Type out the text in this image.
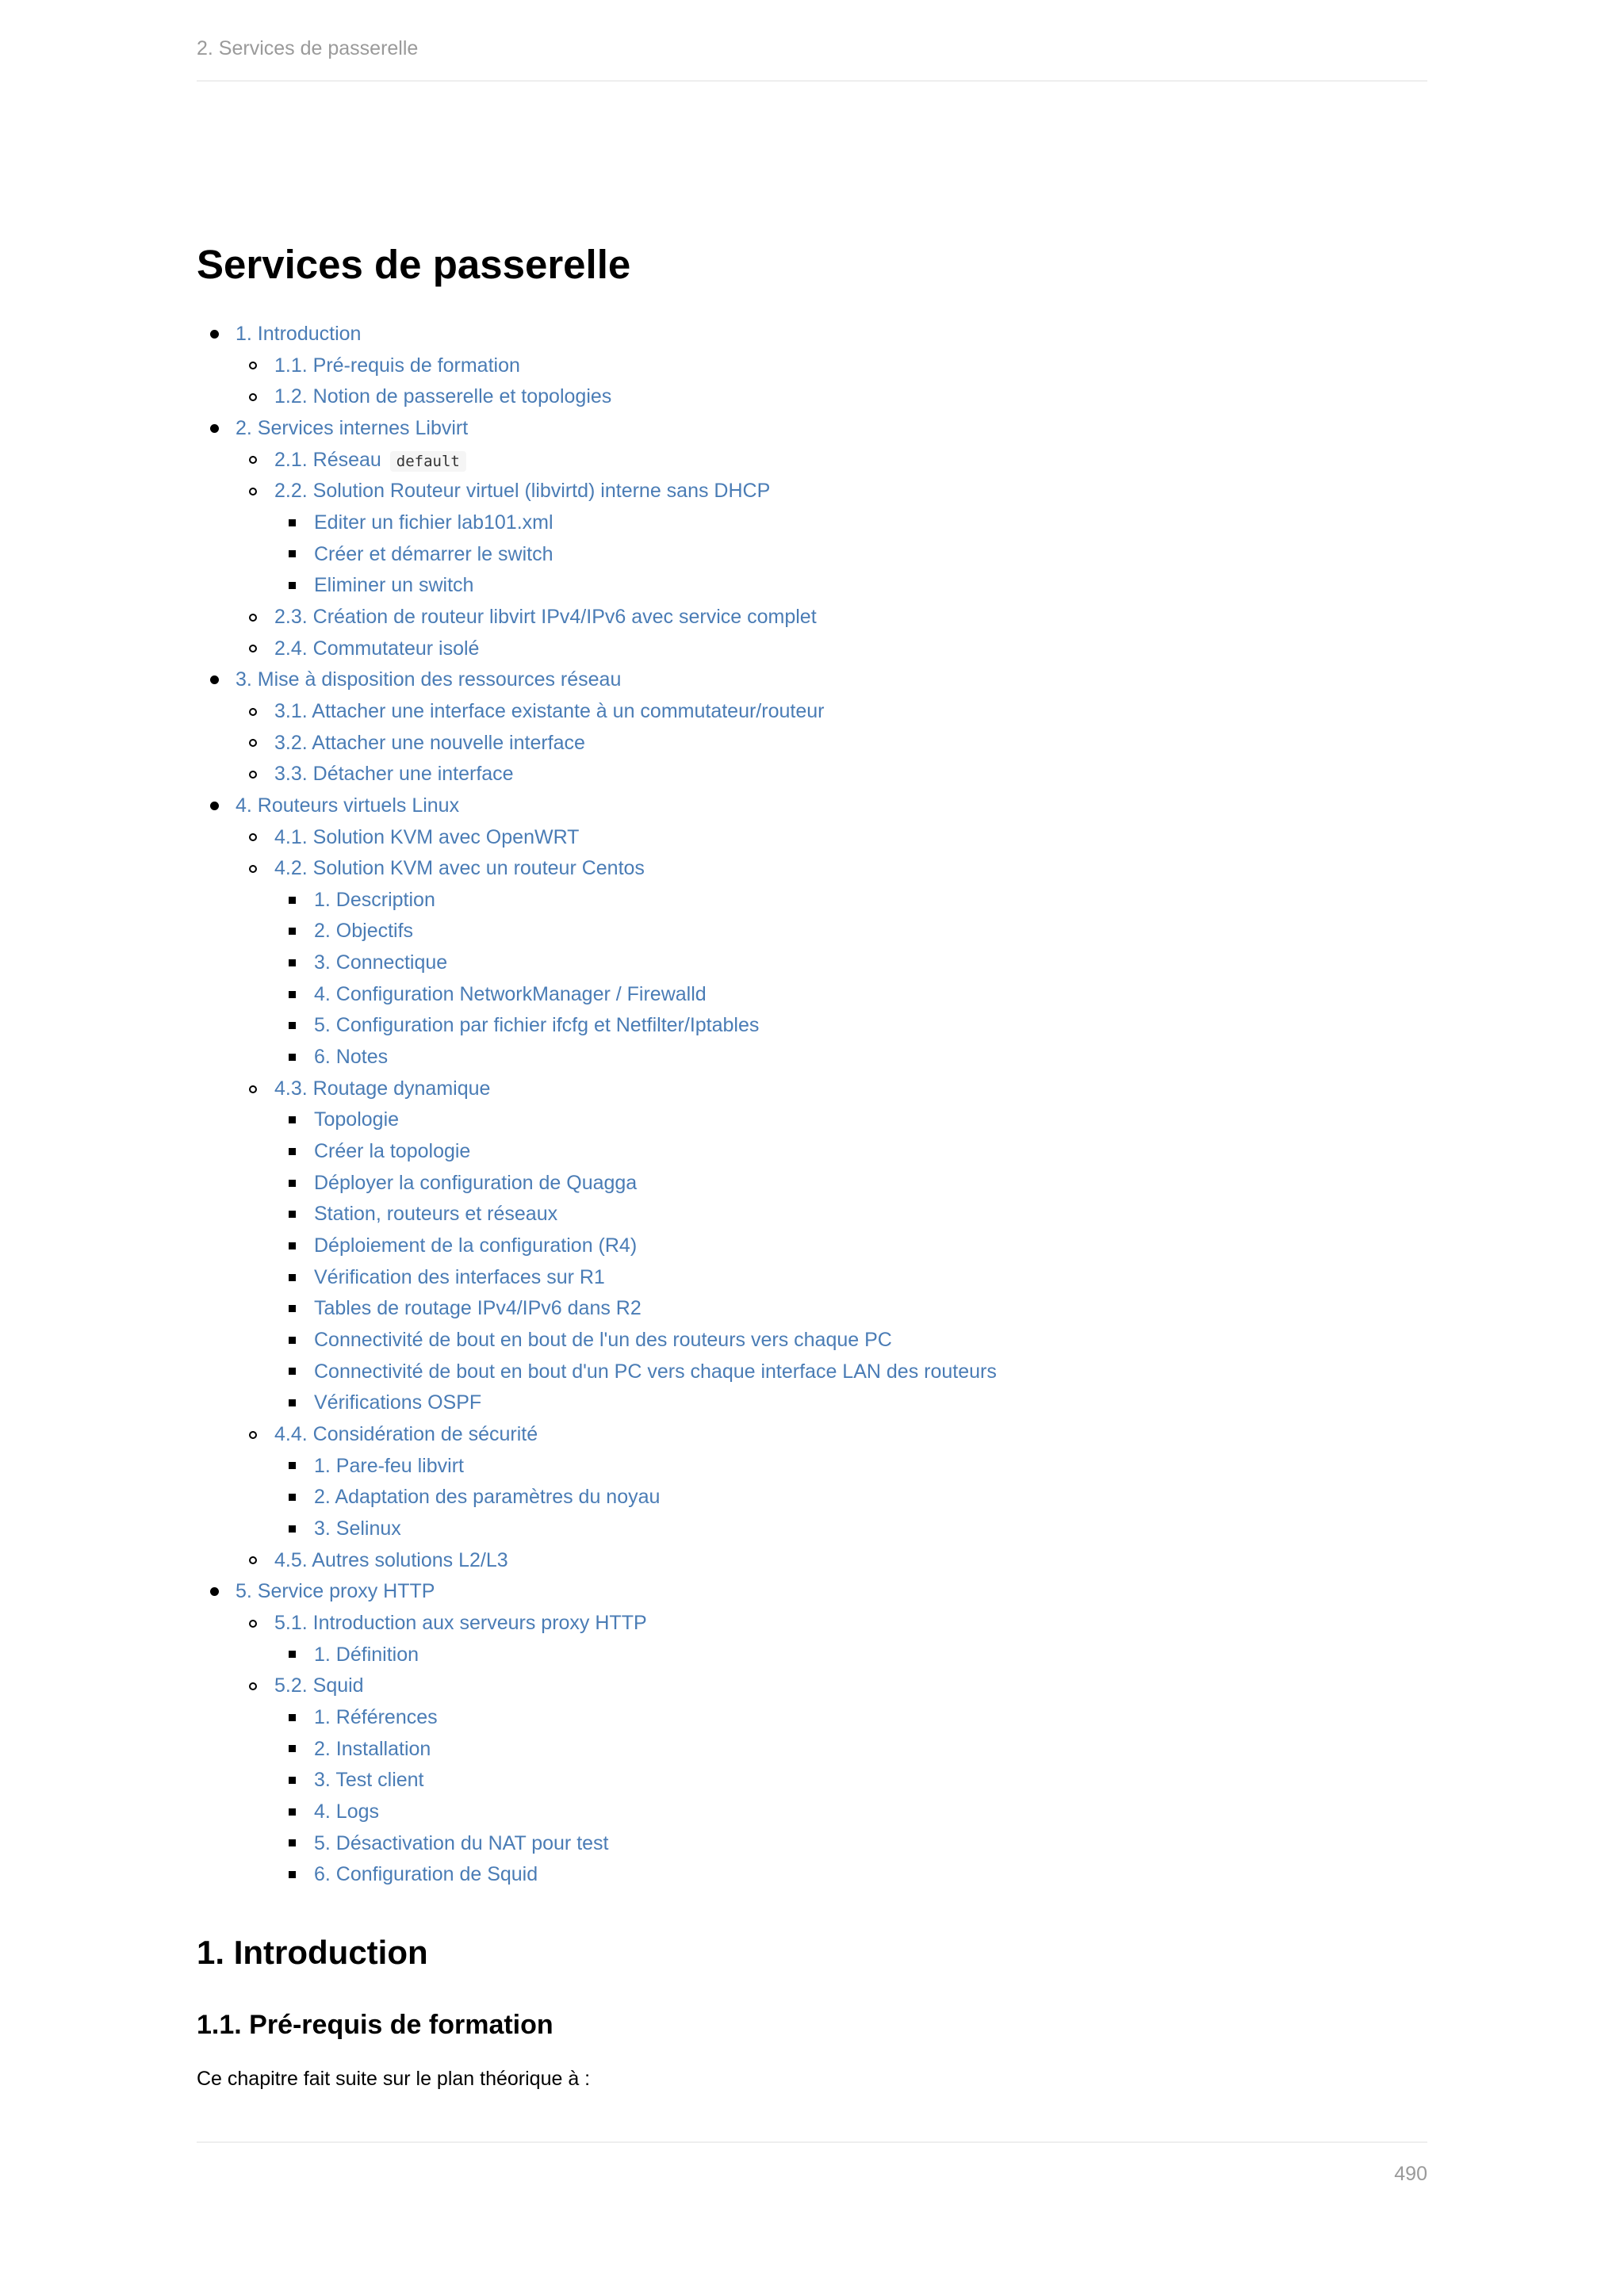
2. Services de passerelle
Services de passerelle
1. Introduction
1.1. Pré-requis de formation
1.2. Notion de passerelle et topologies
2. Services internes Libvirt
2.1. Réseau default
2.2. Solution Routeur virtuel (libvirtd) interne sans DHCP
Editer un fichier lab101.xml
Créer et démarrer le switch
Eliminer un switch
2.3. Création de routeur libvirt IPv4/IPv6 avec service complet
2.4. Commutateur isolé
3. Mise à disposition des ressources réseau
3.1. Attacher une interface existante à un commutateur/routeur
3.2. Attacher une nouvelle interface
3.3. Détacher une interface
4. Routeurs virtuels Linux
4.1. Solution KVM avec OpenWRT
4.2. Solution KVM avec un routeur Centos
1. Description
2. Objectifs
3. Connectique
4. Configuration NetworkManager / Firewalld
5. Configuration par fichier ifcfg et Netfilter/Iptables
6. Notes
4.3. Routage dynamique
Topologie
Créer la topologie
Déployer la configuration de Quagga
Station, routeurs et réseaux
Déploiement de la configuration (R4)
Vérification des interfaces sur R1
Tables de routage IPv4/IPv6 dans R2
Connectivité de bout en bout de l'un des routeurs vers chaque PC
Connectivité de bout en bout d'un PC vers chaque interface LAN des routeurs
Vérifications OSPF
4.4. Considération de sécurité
1. Pare-feu libvirt
2. Adaptation des paramètres du noyau
3. Selinux
4.5. Autres solutions L2/L3
5. Service proxy HTTP
5.1. Introduction aux serveurs proxy HTTP
1. Définition
5.2. Squid
1. Références
2. Installation
3. Test client
4. Logs
5. Désactivation du NAT pour test
6. Configuration de Squid
1. Introduction
1.1. Pré-requis de formation

Ce chapitre fait suite sur le plan théorique à :

490
